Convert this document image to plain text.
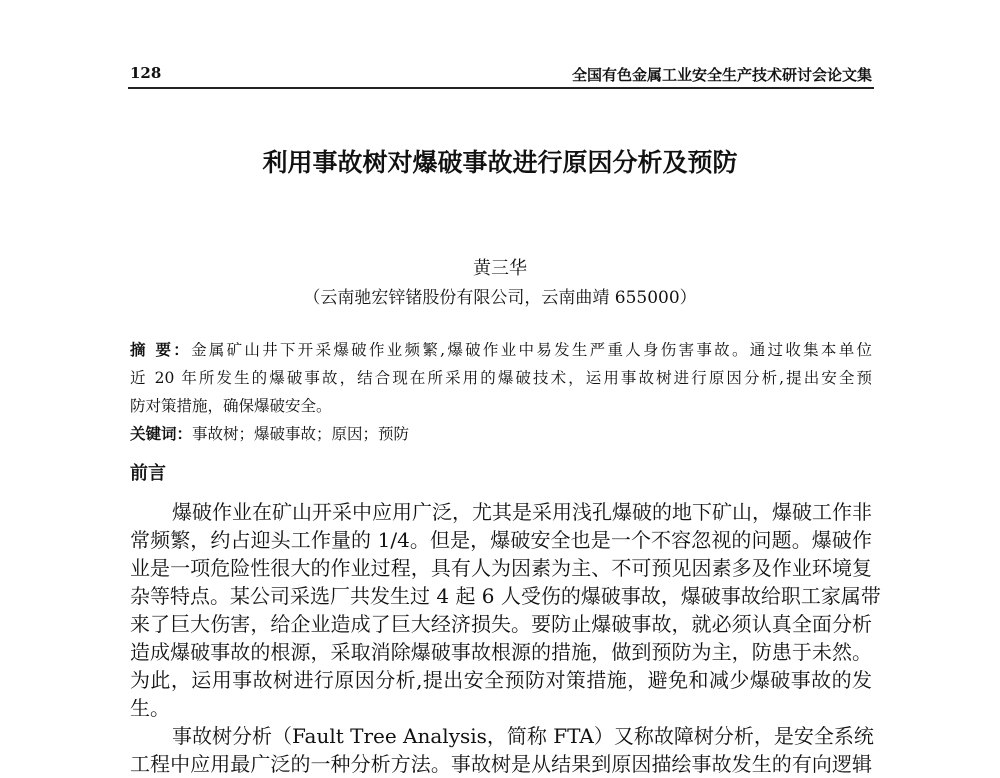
128	全国有色金属工业安全生产技术研讨会论文集
利用事故树对爆破事故进行原因分析及预防
黄三华
（云南驰宏锌锗股份有限公司，云南曲靖 655000）
摘 要：金属矿山井下开采爆破作业频繁,爆破作业中易发生严重人身伤害事故。通过收集本单位
近 20 年所发生的爆破事故，结合现在所采用的爆破技术，运用事故树进行原因分析,提出安全预
防对策措施，确保爆破安全。
关键词：事故树；爆破事故；原因；预防
前言
爆破作业在矿山开采中应用广泛，尤其是采用浅孔爆破的地下矿山，爆破工作非
常频繁，约占迎头工作量的 1/4。但是，爆破安全也是一个不容忽视的问题。爆破作
业是一项危险性很大的作业过程，具有人为因素为主、不可预见因素多及作业环境复
杂等特点。某公司采选厂共发生过 4 起 6 人受伤的爆破事故，爆破事故给职工家属带
来了巨大伤害，给企业造成了巨大经济损失。要防止爆破事故，就必须认真全面分析
造成爆破事故的根源，采取消除爆破事故根源的措施，做到预防为主，防患于未然。
为此，运用事故树进行原因分析,提出安全预防对策措施，避免和减少爆破事故的发
生。
事故树分析（Fault Tree Analysis，简称 FTA）又称故障树分析，是安全系统
工程中应用最广泛的一种分析方法。事故树是从结果到原因描绘事故发生的有向逻辑
